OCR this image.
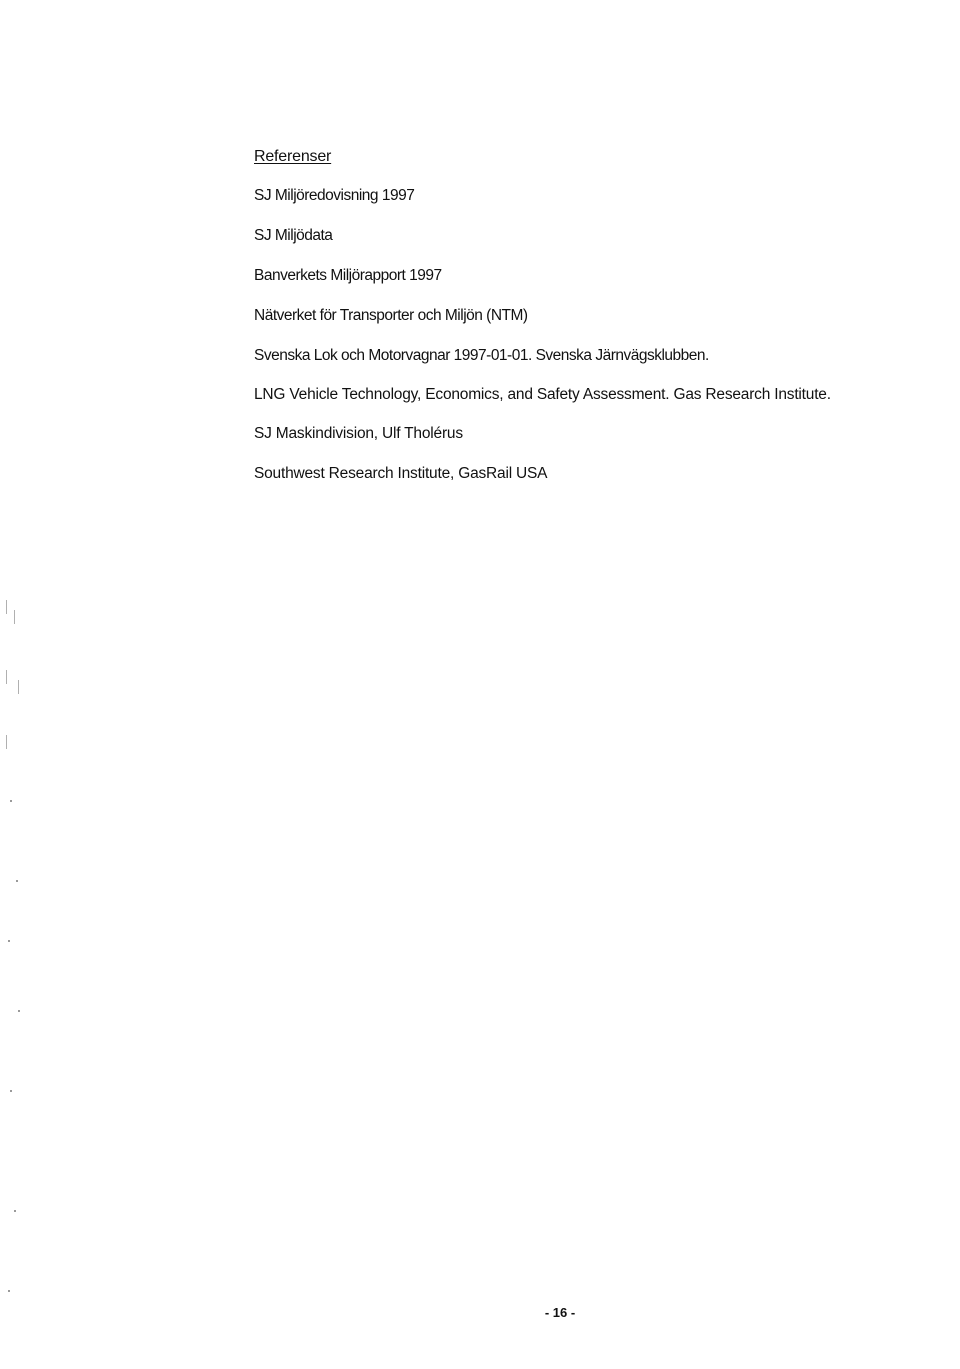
Referenser
SJ Miljöredovisning 1997
SJ Miljödata
Banverkets Miljörapport 1997
Nätverket för Transporter och Miljön (NTM)
Svenska Lok och Motorvagnar 1997-01-01. Svenska Järnvägsklubben.
LNG Vehicle Technology, Economics, and Safety Assessment. Gas Research Institute.
SJ Maskindivision, Ulf Tholérus
Southwest Research Institute, GasRail USA
- 16 -
